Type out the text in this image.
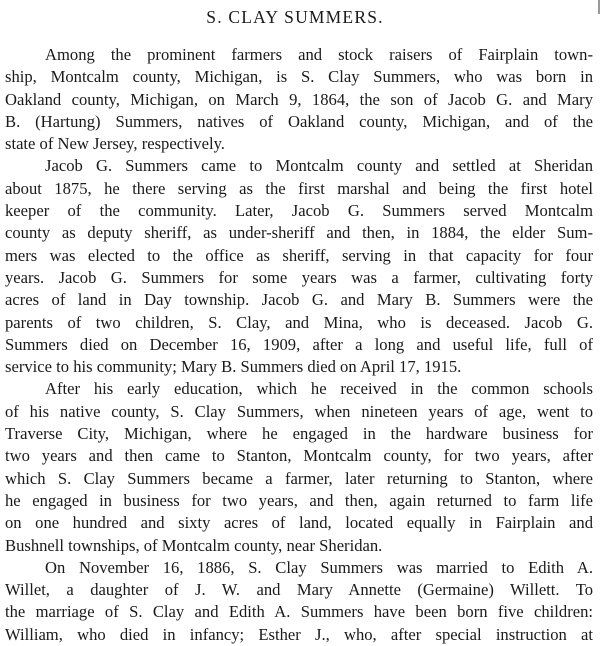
S. CLAY SUMMERS.
Among the prominent farmers and stock raisers of Fairplain town-
ship, Montcalm county, Michigan, is S. Clay Summers, who was born in
Oakland county, Michigan, on March 9, 1864, the son of Jacob G. and Mary
B. (Hartung) Summers, natives of Oakland county, Michigan, and of the
state of New Jersey, respectively.
Jacob G. Summers came to Montcalm county and settled at Sheridan
about 1875, he there serving as the first marshal and being the first hotel
keeper of the community. Later, Jacob G. Summers served Montcalm
county as deputy sheriff, as under-sheriff and then, in 1884, the elder Sum-
mers was elected to the office as sheriff, serving in that capacity for four
years. Jacob G. Summers for some years was a farmer, cultivating forty
acres of land in Day township. Jacob G. and Mary B. Summers were the
parents of two children, S. Clay, and Mina, who is deceased. Jacob G.
Summers died on December 16, 1909, after a long and useful life, full of
service to his community; Mary B. Summers died on April 17, 1915.
After his early education, which he received in the common schools
of his native county, S. Clay Summers, when nineteen years of age, went to
Traverse City, Michigan, where he engaged in the hardware business for
two years and then came to Stanton, Montcalm county, for two years, after
which S. Clay Summers became a farmer, later returning to Stanton, where
he engaged in business for two years, and then, again returned to farm life
on one hundred and sixty acres of land, located equally in Fairplain and
Bushnell townships, of Montcalm county, near Sheridan.
On November 16, 1886, S. Clay Summers was married to Edith A.
Willet, a daughter of J. W. and Mary Annette (Germaine) Willett. To
the marriage of S. Clay and Edith A. Summers have been born five children:
William, who died in infancy; Esther J., who, after special instruction at
